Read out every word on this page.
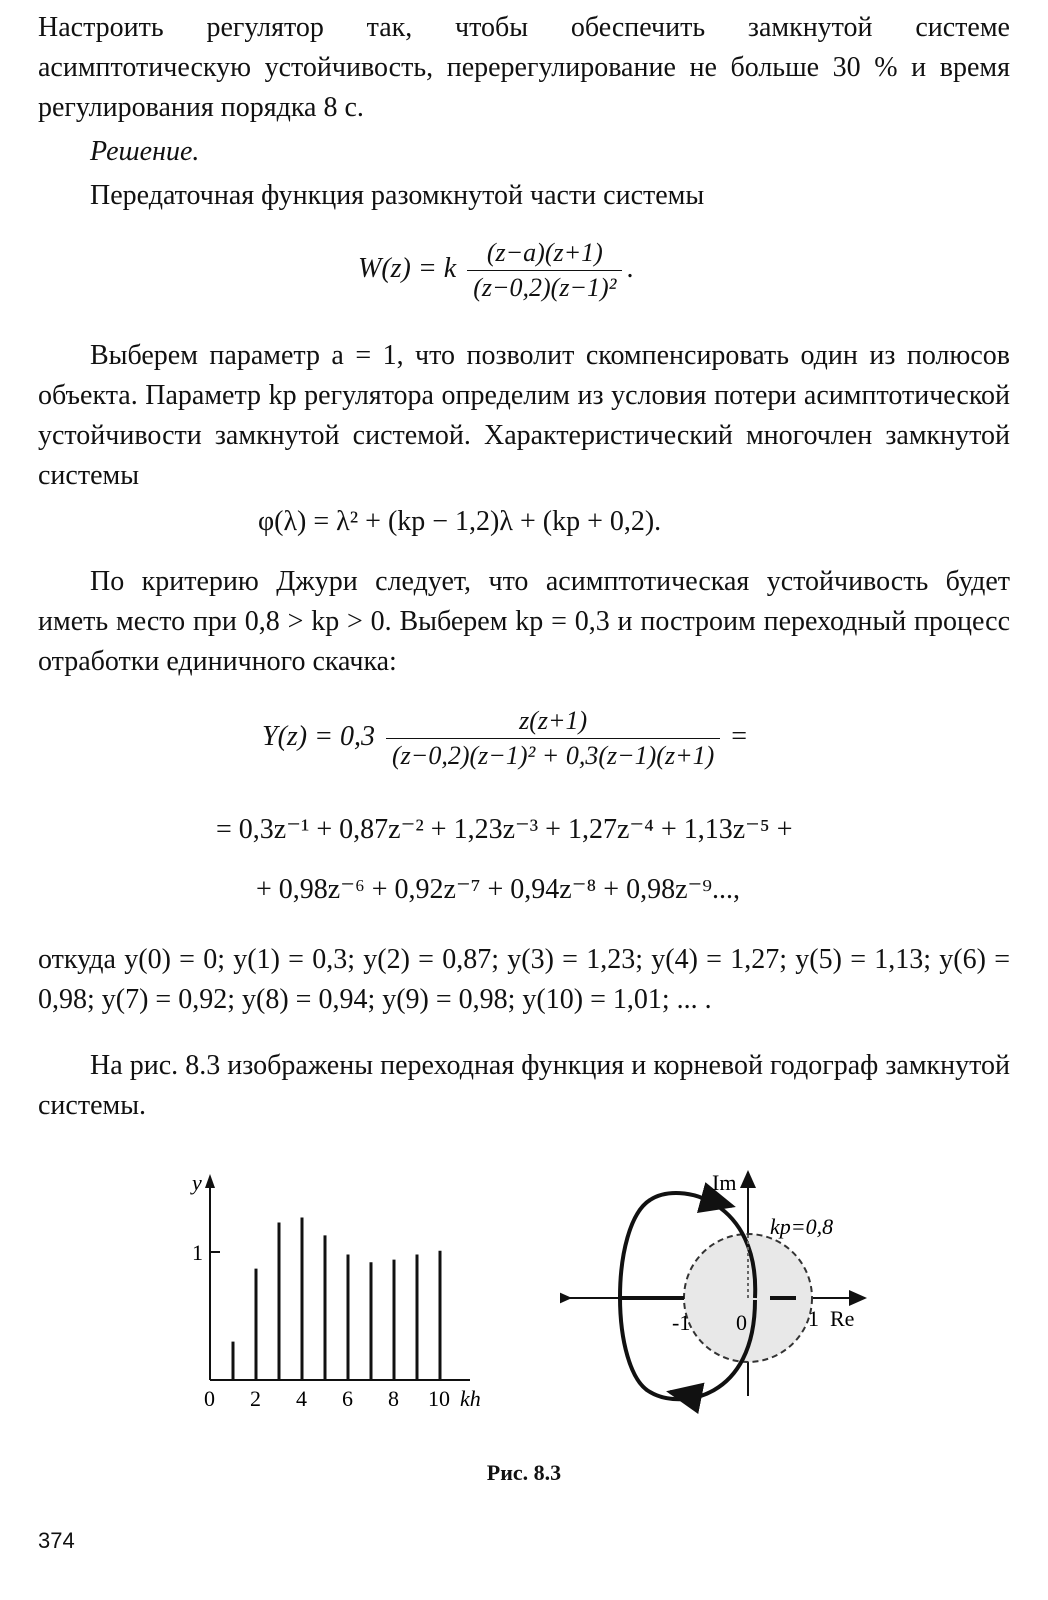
Настроить регулятор так, чтобы обеспечить замкнутой системе асимптотическую устойчивость, перерегулирование не больше 30 % и время регулирования порядка 8 с.

Решение.

Передаточная функция разомкнутой части системы

W(z) = k $\frac{(z-a)(z+1)}{\text{(z−0,2)(z−1)²}}$ .

Выберем параметр a = 1, что позволит скомпенсировать один из полюсов объекта. Параметр kр регулятора определим из условия потери асимптотической устойчивости замкнутой системой. Характеристический многочлен замкнутой системы

φ(λ) = λ² + (kр − 1,2)λ + (kр + 0,2).

По критерию Джури следует, что асимптотическая устойчивость будет иметь место при 0,8 > kр > 0. Выберем kр = 0,3 и построим переходный процесс отработки единичного скачка:

$Y(z) = 0,3 \frac{z(z+1)}{\text{(z−0,2)(z−1)² + 0,3(z−1)(z+1)}}$ =
= 0,3z⁻¹ + 0,87z⁻² + 1,23z⁻³ + 1,27z⁻⁴ + 1,13z⁻⁵ +
+ 0,98z⁻⁶ + 0,92z⁻⁷ + 0,94z⁻⁸ + 0,98z⁻⁹...,

откуда y(0) = 0; y(1) = 0,3; y(2) = 0,87; y(3) = 1,23; y(4) = 1,27; y(5) = 1,13; y(6) = 0,98; y(7) = 0,92; y(8) = 0,94; y(9) = 0,98; y(10) = 1,01; ... .

На рис. 8.3 изображены переходная функция и корневой годограф замкнутой системы.

y
1
0 2 4 6 8 10 kh
Im
kр=0,8
-1 0	1 Re
Рис. 8.3
374
